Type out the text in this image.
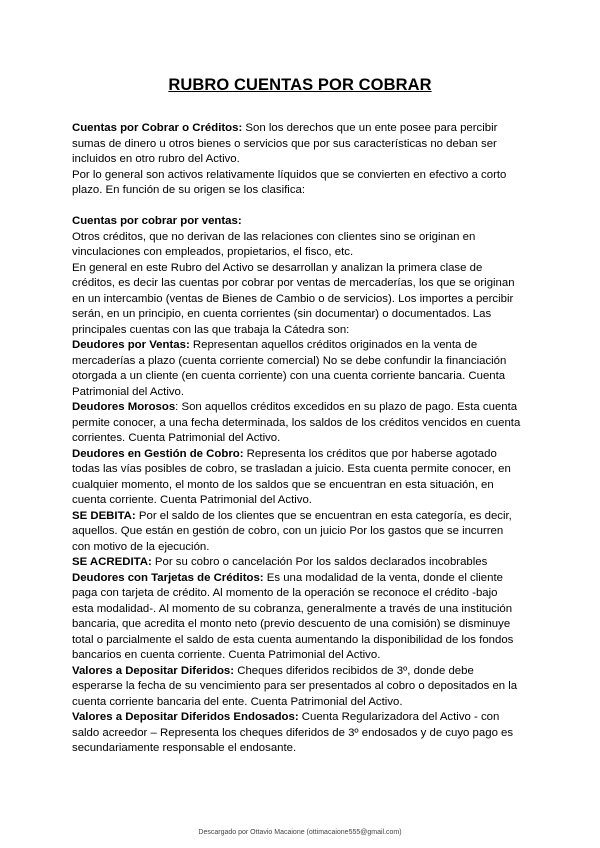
RUBRO CUENTAS POR COBRAR

Cuentas por Cobrar o Créditos: Son los derechos que un ente posee para percibir sumas de dinero u otros bienes o servicios que por sus características no deban ser incluidos en otro rubro del Activo.

Por lo general son activos relativamente líquidos que se convierten en efectivo a corto plazo. En función de su origen se los clasifica:

Cuentas por cobrar por ventas:

Otros créditos, que no derivan de las relaciones con clientes sino se originan en vinculaciones con empleados, propietarios, el fisco, etc.

En general en este Rubro del Activo se desarrollan y analizan la primera clase de créditos, es decir las cuentas por cobrar por ventas de mercaderías, los que se originan en un intercambio (ventas de Bienes de Cambio o de servicios). Los importes a percibir serán, en un principio, en cuenta corrientes (sin documentar) o documentados. Las principales cuentas con las que trabaja la Cátedra son:

Deudores por Ventas: Representan aquellos créditos originados en la venta de mercaderías a plazo (cuenta corriente comercial) No se debe confundir la financiación otorgada a un cliente (en cuenta corriente) con una cuenta corriente bancaria. Cuenta Patrimonial del Activo.

Deudores Morosos: Son aquellos créditos excedidos en su plazo de pago. Esta cuenta permite conocer, a una fecha determinada, los saldos de los créditos vencidos en cuenta corrientes. Cuenta Patrimonial del Activo.

Deudores en Gestión de Cobro: Representa los créditos que por haberse agotado todas las vías posibles de cobro, se trasladan a juicio. Esta cuenta permite conocer, en cualquier momento, el monto de los saldos que se encuentran en esta situación, en cuenta corriente. Cuenta Patrimonial del Activo.

SE DEBITA: Por el saldo de los clientes que se encuentran en esta categoría, es decir, aquellos. Que están en gestión de cobro, con un juicio Por los gastos que se incurren con motivo de la ejecución.

SE ACREDITA: Por su cobro o cancelación Por los saldos declarados incobrables

Deudores con Tarjetas de Créditos: Es una modalidad de la venta, donde el cliente paga con tarjeta de crédito. Al momento de la operación se reconoce el crédito -bajo esta modalidad-. Al momento de su cobranza, generalmente a través de una institución bancaria, que acredita el monto neto (previo descuento de una comisión) se disminuye total o parcialmente el saldo de esta cuenta aumentando la disponibilidad de los fondos bancarios en cuenta corriente. Cuenta Patrimonial del Activo.

Valores a Depositar Diferidos: Cheques diferidos recibidos de 3º, donde debe esperarse la fecha de su vencimiento para ser presentados al cobro o depositados en la cuenta corriente bancaria del ente. Cuenta Patrimonial del Activo.

Valores a Depositar Diferidos Endosados: Cuenta Regularizadora del Activo - con saldo acreedor – Representa los cheques diferidos de 3º endosados y de cuyo pago es secundariamente responsable el endosante.

Descargado por Ottavio Macaione (ottimacaione555@gmail.com)
